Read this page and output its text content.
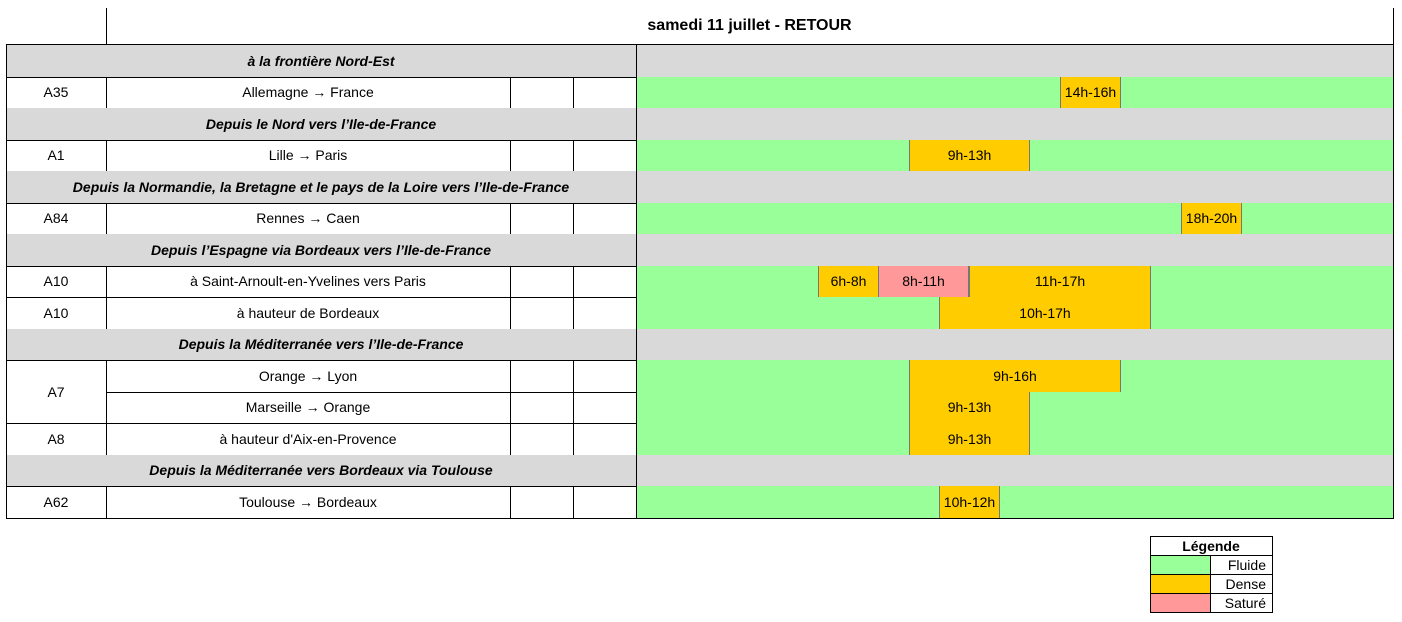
samedi 11 juillet - RETOUR
à la frontière Nord-Est
A35	Allemagne → France	14h-16h
Depuis le Nord vers l’Ile-de-France
A1	Lille → Paris	9h-13h
Depuis la Normandie, la Bretagne et le pays de la Loire vers l’Ile-de-France
A84	Rennes → Caen	18h-20h
Depuis l’Espagne via Bordeaux vers l’Ile-de-France
A10	à Saint-Arnoult-en-Yvelines vers Paris	6h-8h	8h-11h	11h-17h
A10	à hauteur de Bordeaux	10h-17h
Depuis la Méditerranée vers l’Ile-de-France
A7
Orange → Lyon	9h-16h
Marseille → Orange	9h-13h
A8	à hauteur d'Aix-en-Provence	9h-13h
Depuis la Méditerranée vers Bordeaux via Toulouse
A62	Toulouse → Bordeaux	10h-12h
Légende
Fluide
Dense
Saturé
